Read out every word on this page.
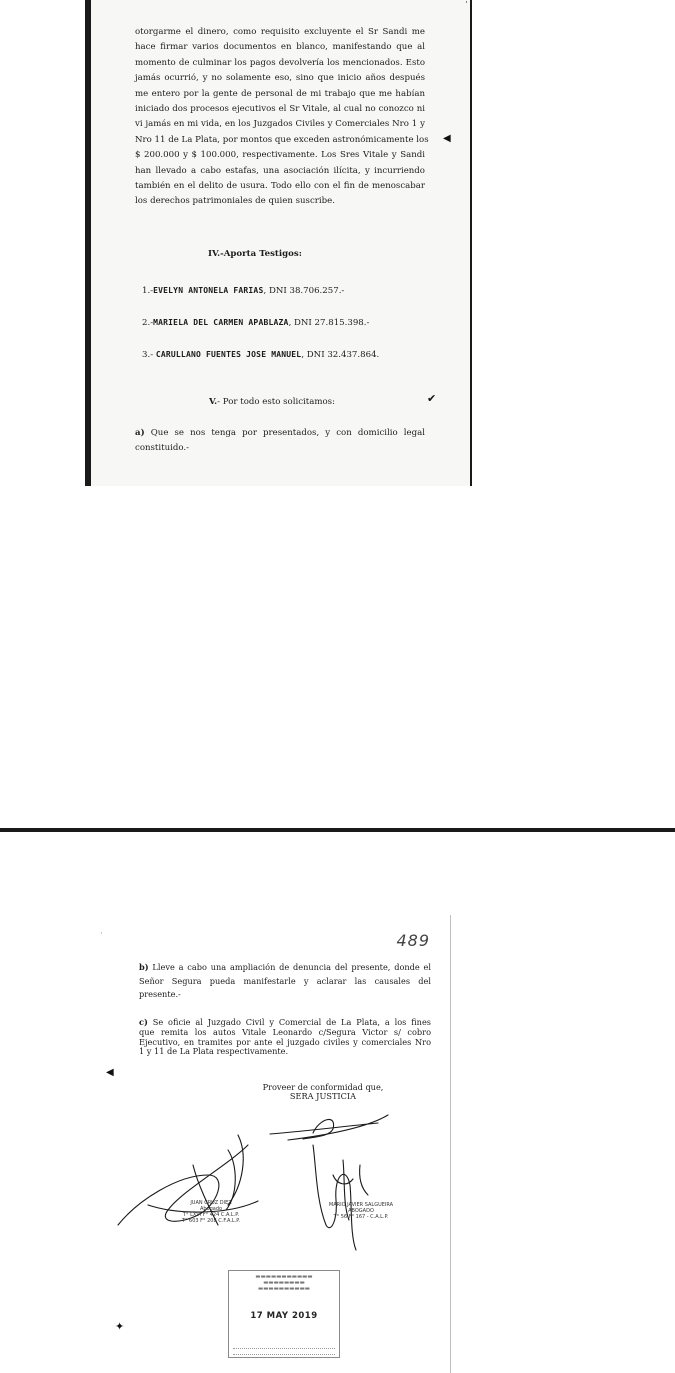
·
otorgarme el dinero, como requisito excluyente el Sr Sandi me
hace firmar varios documentos en blanco, manifestando que al
momento de culminar los pagos devolvería los mencionados. Esto
jamás ocurrió, y no solamente eso, sino que inicio años después
me entero por la gente de personal de mi trabajo que me habían
iniciado dos procesos ejecutivos el Sr Vitale, al cual no conozco ni
vi jamás en mi vida, en los Juzgados Civiles y Comerciales Nro 1 y
Nro 11 de La Plata, por montos que exceden astronómicamente los
$ 200.000 y $ 100.000, respectivamente. Los Sres Vitale y Sandi
han llevado a cabo estafas, una asociación ilícita, y incurriendo
también en el delito de usura. Todo ello con el fin de menoscabar
los derechos patrimoniales de quien suscribe.
◀
IV.-Aporta Testigos:
1.-EVELYN ANTONELA FARIAS, DNI 38.706.257.-
2.-MARIELA DEL CARMEN APABLAZA, DNI 27.815.398.-
3.- CARULLANO FUENTES JOSE MANUEL, DNI 32.437.864.
V.- Por todo esto solicitamos:	✔
a) Que se nos tenga por presentados, y con domicilio legal
constituido.-
·	489
b) Lleve a cabo una ampliación de denuncia del presente, donde el
Señor Segura pueda manifestarle y aclarar las causales del
presente.-
c) Se oficie al Juzgado Civil y Comercial de La Plata, a los fines
que remita los autos Vitale Leonardo c/Segura Victor s/ cobro
Ejecutivo, en tramites por ante el juzgado civiles y comerciales Nro
1 y 11 de La Plata respectivamente.
◀
Proveer de conformidad que,
SERA JUSTICIA
JUAN CRUZ DIEZ
Abogado
T° LXVI F° 424 C.A.L.P.
T° 603 F° 208 C.F.A.L.P.
MARIO JAVIER SALGUEIRA
ABOGADO
T° 56 F° 167 - C.A.L.P.
▬▬▬▬▬▬▬▬▬▬▬
▬▬▬▬▬▬▬▬
▬▬▬▬▬▬▬▬▬▬
17 MAY 2019
✦
